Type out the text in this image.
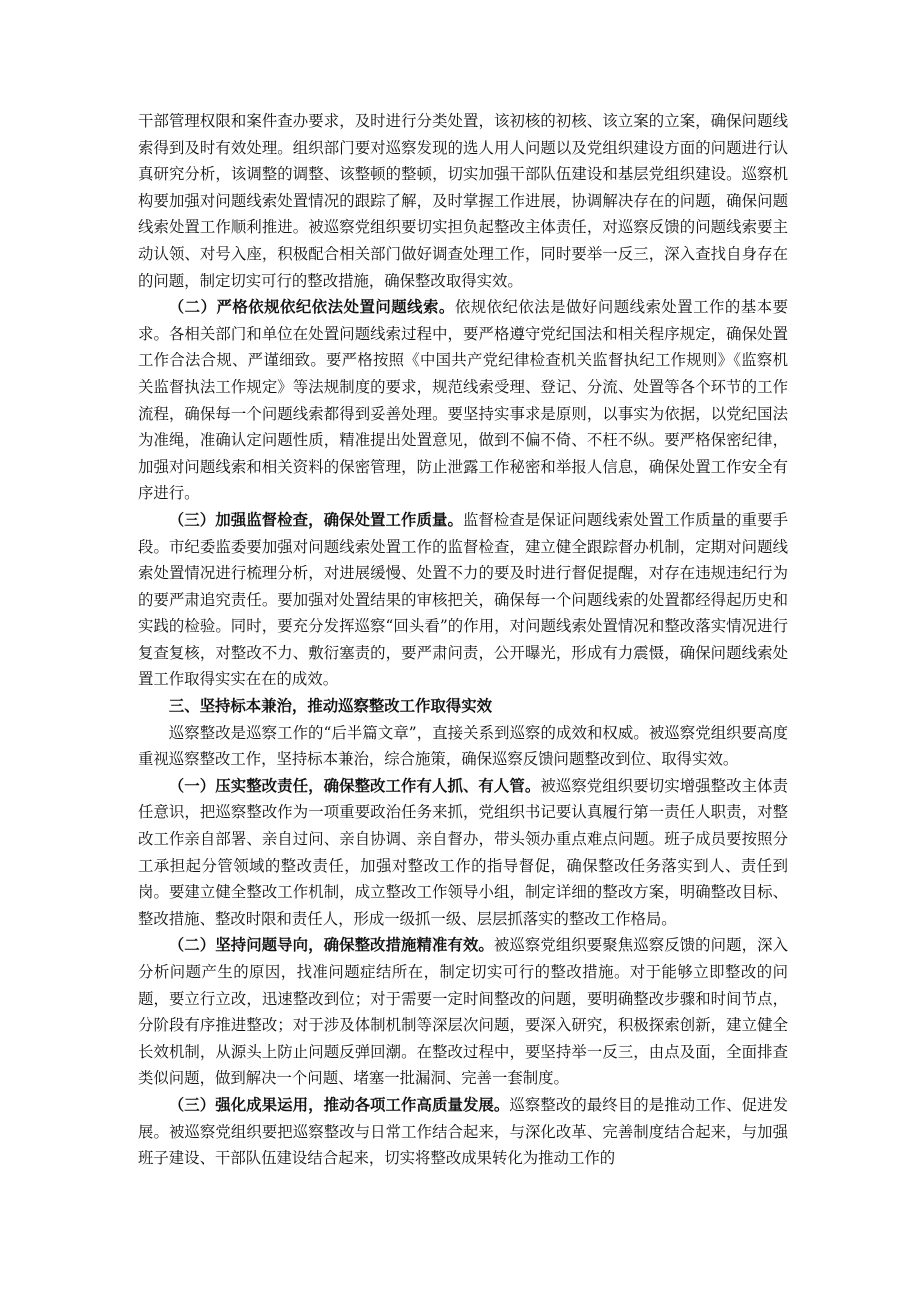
干部管理权限和案件查办要求，及时进行分类处置，该初核的初核、该立案的立案，确保问题线索得到及时有效处理。组织部门要对巡察发现的选人用人问题以及党组织建设方面的问题进行认真研究分析，该调整的调整、该整顿的整顿，切实加强干部队伍建设和基层党组织建设。巡察机构要加强对问题线索处置情况的跟踪了解，及时掌握工作进展，协调解决存在的问题，确保问题线索处置工作顺利推进。被巡察党组织要切实担负起整改主体责任，对巡察反馈的问题线索要主动认领、对号入座，积极配合相关部门做好调查处理工作，同时要举一反三，深入查找自身存在的问题，制定切实可行的整改措施，确保整改取得实效。

（二）严格依规依纪依法处置问题线索。依规依纪依法是做好问题线索处置工作的基本要求。各相关部门和单位在处置问题线索过程中，要严格遵守党纪国法和相关程序规定，确保处置工作合法合规、严谨细致。要严格按照《中国共产党纪律检查机关监督执纪工作规则》《监察机关监督执法工作规定》等法规制度的要求，规范线索受理、登记、分流、处置等各个环节的工作流程，确保每一个问题线索都得到妥善处理。要坚持实事求是原则，以事实为依据，以党纪国法为准绳，准确认定问题性质，精准提出处置意见，做到不偏不倚、不枉不纵。要严格保密纪律，加强对问题线索和相关资料的保密管理，防止泄露工作秘密和举报人信息，确保处置工作安全有序进行。

（三）加强监督检查，确保处置工作质量。监督检查是保证问题线索处置工作质量的重要手段。市纪委监委要加强对问题线索处置工作的监督检查，建立健全跟踪督办机制，定期对问题线索处置情况进行梳理分析，对进展缓慢、处置不力的要及时进行督促提醒，对存在违规违纪行为的要严肃追究责任。要加强对处置结果的审核把关，确保每一个问题线索的处置都经得起历史和实践的检验。同时，要充分发挥巡察“回头看”的作用，对问题线索处置情况和整改落实情况进行复查复核，对整改不力、敷衍塞责的，要严肃问责，公开曝光，形成有力震慑，确保问题线索处置工作取得实实在在的成效。

三、坚持标本兼治，推动巡察整改工作取得实效

巡察整改是巡察工作的“后半篇文章”，直接关系到巡察的成效和权威。被巡察党组织要高度重视巡察整改工作，坚持标本兼治，综合施策，确保巡察反馈问题整改到位、取得实效。

（一）压实整改责任，确保整改工作有人抓、有人管。被巡察党组织要切实增强整改主体责任意识，把巡察整改作为一项重要政治任务来抓，党组织书记要认真履行第一责任人职责，对整改工作亲自部署、亲自过问、亲自协调、亲自督办，带头领办重点难点问题。班子成员要按照分工承担起分管领域的整改责任，加强对整改工作的指导督促，确保整改任务落实到人、责任到岗。要建立健全整改工作机制，成立整改工作领导小组，制定详细的整改方案，明确整改目标、整改措施、整改时限和责任人，形成一级抓一级、层层抓落实的整改工作格局。

（二）坚持问题导向，确保整改措施精准有效。被巡察党组织要聚焦巡察反馈的问题，深入分析问题产生的原因，找准问题症结所在，制定切实可行的整改措施。对于能够立即整改的问题，要立行立改，迅速整改到位；对于需要一定时间整改的问题，要明确整改步骤和时间节点，分阶段有序推进整改；对于涉及体制机制等深层次问题，要深入研究，积极探索创新，建立健全长效机制，从源头上防止问题反弹回潮。在整改过程中，要坚持举一反三，由点及面，全面排查类似问题，做到解决一个问题、堵塞一批漏洞、完善一套制度。

（三）强化成果运用，推动各项工作高质量发展。巡察整改的最终目的是推动工作、促进发展。被巡察党组织要把巡察整改与日常工作结合起来，与深化改革、完善制度结合起来，与加强班子建设、干部队伍建设结合起来，切实将整改成果转化为推动工作的
